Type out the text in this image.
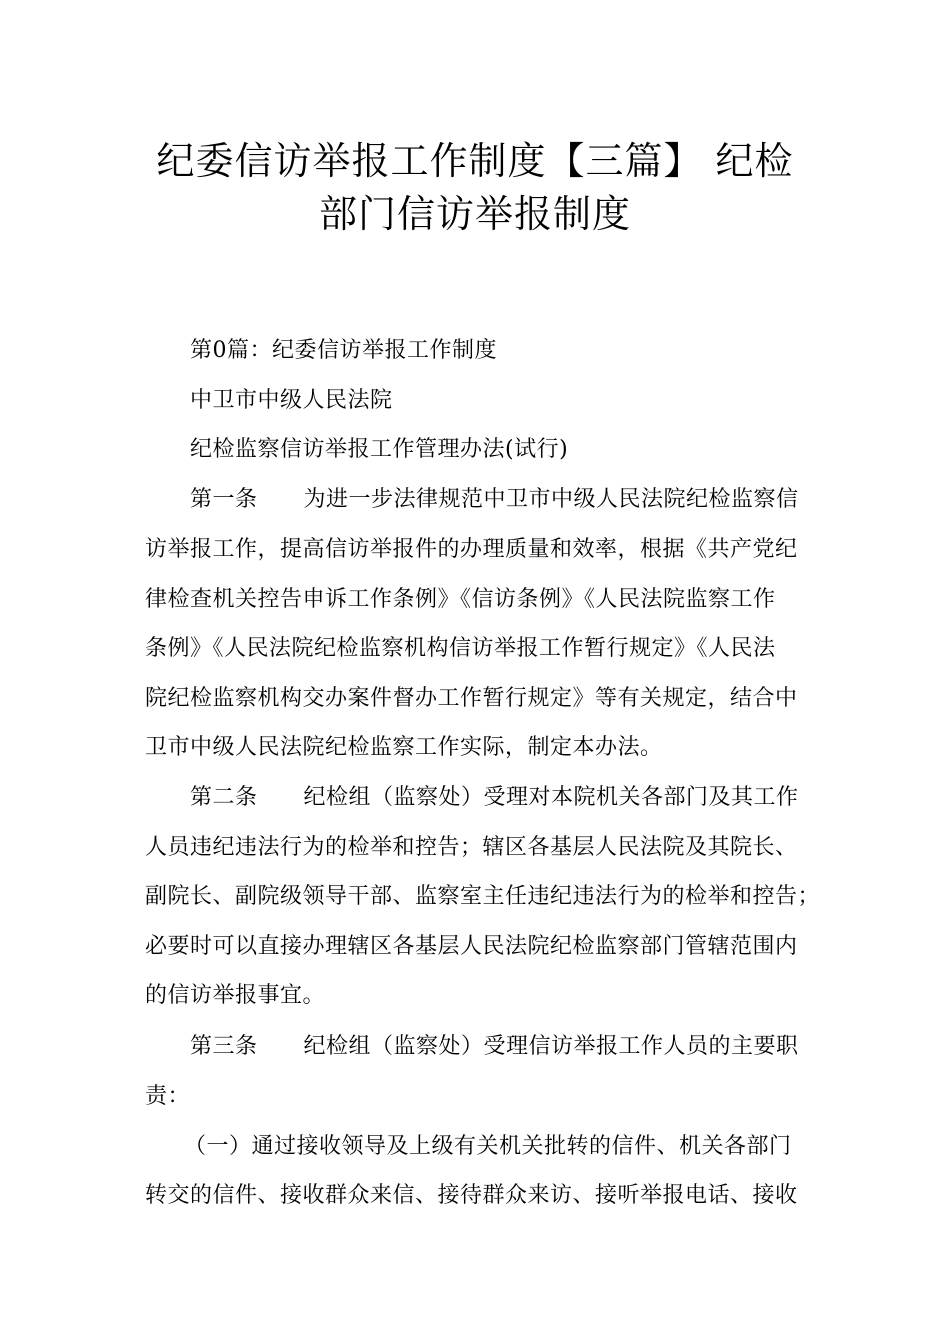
纪委信访举报工作制度【三篇】 纪检
部门信访举报制度
第0篇：纪委信访举报工作制度
中卫市中级人民法院
纪检监察信访举报工作管理办法(试行)
第一条 为进一步法律规范中卫市中级人民法院纪检监察信
访举报工作，提高信访举报件的办理质量和效率，根据《共产党纪
律检查机关控告申诉工作条例》《信访条例》《人民法院监察工作
条例》《人民法院纪检监察机构信访举报工作暂行规定》《人民法
院纪检监察机构交办案件督办工作暂行规定》等有关规定，结合中
卫市中级人民法院纪检监察工作实际，制定本办法。
第二条 纪检组（监察处）受理对本院机关各部门及其工作
人员违纪违法行为的检举和控告；辖区各基层人民法院及其院长、
副院长、副院级领导干部、监察室主任违纪违法行为的检举和控告；
必要时可以直接办理辖区各基层人民法院纪检监察部门管辖范围内
的信访举报事宜。
第三条 纪检组（监察处）受理信访举报工作人员的主要职
责：
（一）通过接收领导及上级有关机关批转的信件、机关各部门
转交的信件、接收群众来信、接待群众来访、接听举报电话、接收
